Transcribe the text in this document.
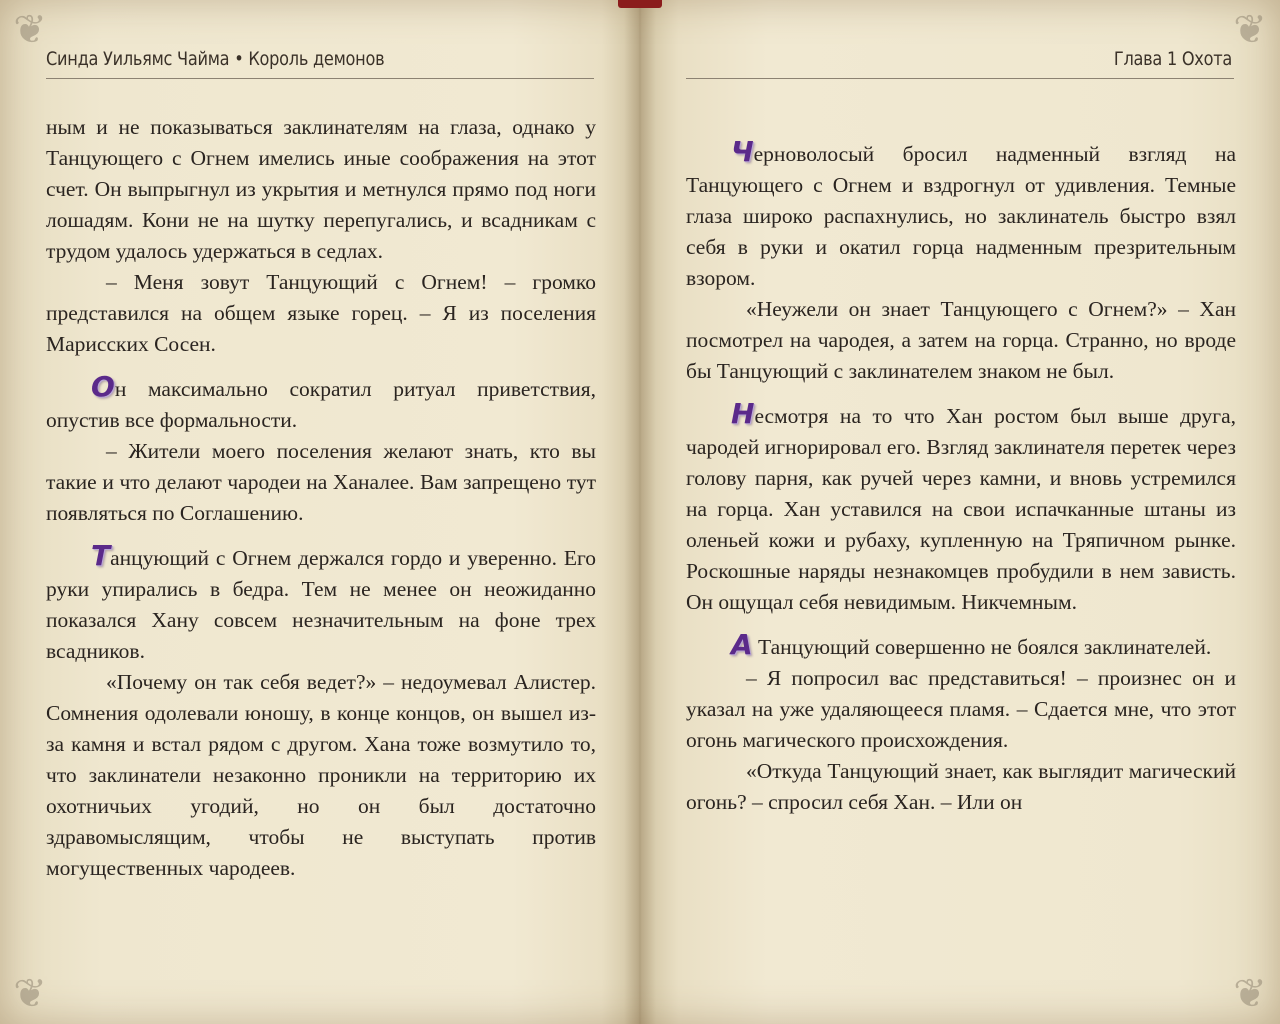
❦	❦
❦	❦
Синда Уильямс Чайма • Король демонов

ным и не показываться заклинателям на глаза, однако у Танцующего с Огнем имелись иные соображения на этот счет. Он выпрыгнул из укрытия и метнулся прямо под ноги лошадям. Кони не на шутку перепугались, и всадникам с трудом удалось удержаться в седлах.

– Меня зовут Танцующий с Огнем! – громко представился на общем языке горец. – Я из поселения Марисских Сосен.

Он максимально сократил ритуал приветствия, опустив все формальности.

– Жители моего поселения желают знать, кто вы такие и что делают чародеи на Ханалее. Вам запрещено тут появляться по Соглашению.

Танцующий с Огнем держался гордо и уверенно. Его руки упирались в бедра. Тем не менее он неожиданно показался Хану совсем незначительным на фоне трех всадников.

«Почему он так себя ведет?» – недоумевал Алистер. Сомнения одолевали юношу, в конце концов, он вышел из-за камня и встал рядом с другом. Хана тоже возмутило то, что заклинатели незаконно проникли на территорию их охотничьих угодий, но он был достаточно здравомыслящим, чтобы не выступать против могущественных чародеев.

Глава 1 Охота

Черноволосый бросил надменный взгляд на Танцующего с Огнем и вздрогнул от удивления. Темные глаза широко распахнулись, но заклинатель быстро взял себя в руки и окатил горца надменным презрительным взором.

«Неужели он знает Танцующего с Огнем?» – Хан посмотрел на чародея, а затем на горца. Странно, но вроде бы Танцующий с заклинателем знаком не был.

Несмотря на то что Хан ростом был выше друга, чародей игнорировал его. Взгляд заклинателя перетек через голову парня, как ручей через камни, и вновь устремился на горца. Хан уставился на свои испачканные штаны из оленьей кожи и рубаху, купленную на Тряпичном рынке. Роскошные наряды незнакомцев пробудили в нем зависть. Он ощущал себя невидимым. Никчемным.

А Танцующий совершенно не боялся заклинателей.

– Я попросил вас представиться! – произнес он и указал на уже удаляющееся пламя. – Сдается мне, что этот огонь магического происхождения.

«Откуда Танцующий знает, как выглядит магический огонь? – спросил себя Хан. – Или он
